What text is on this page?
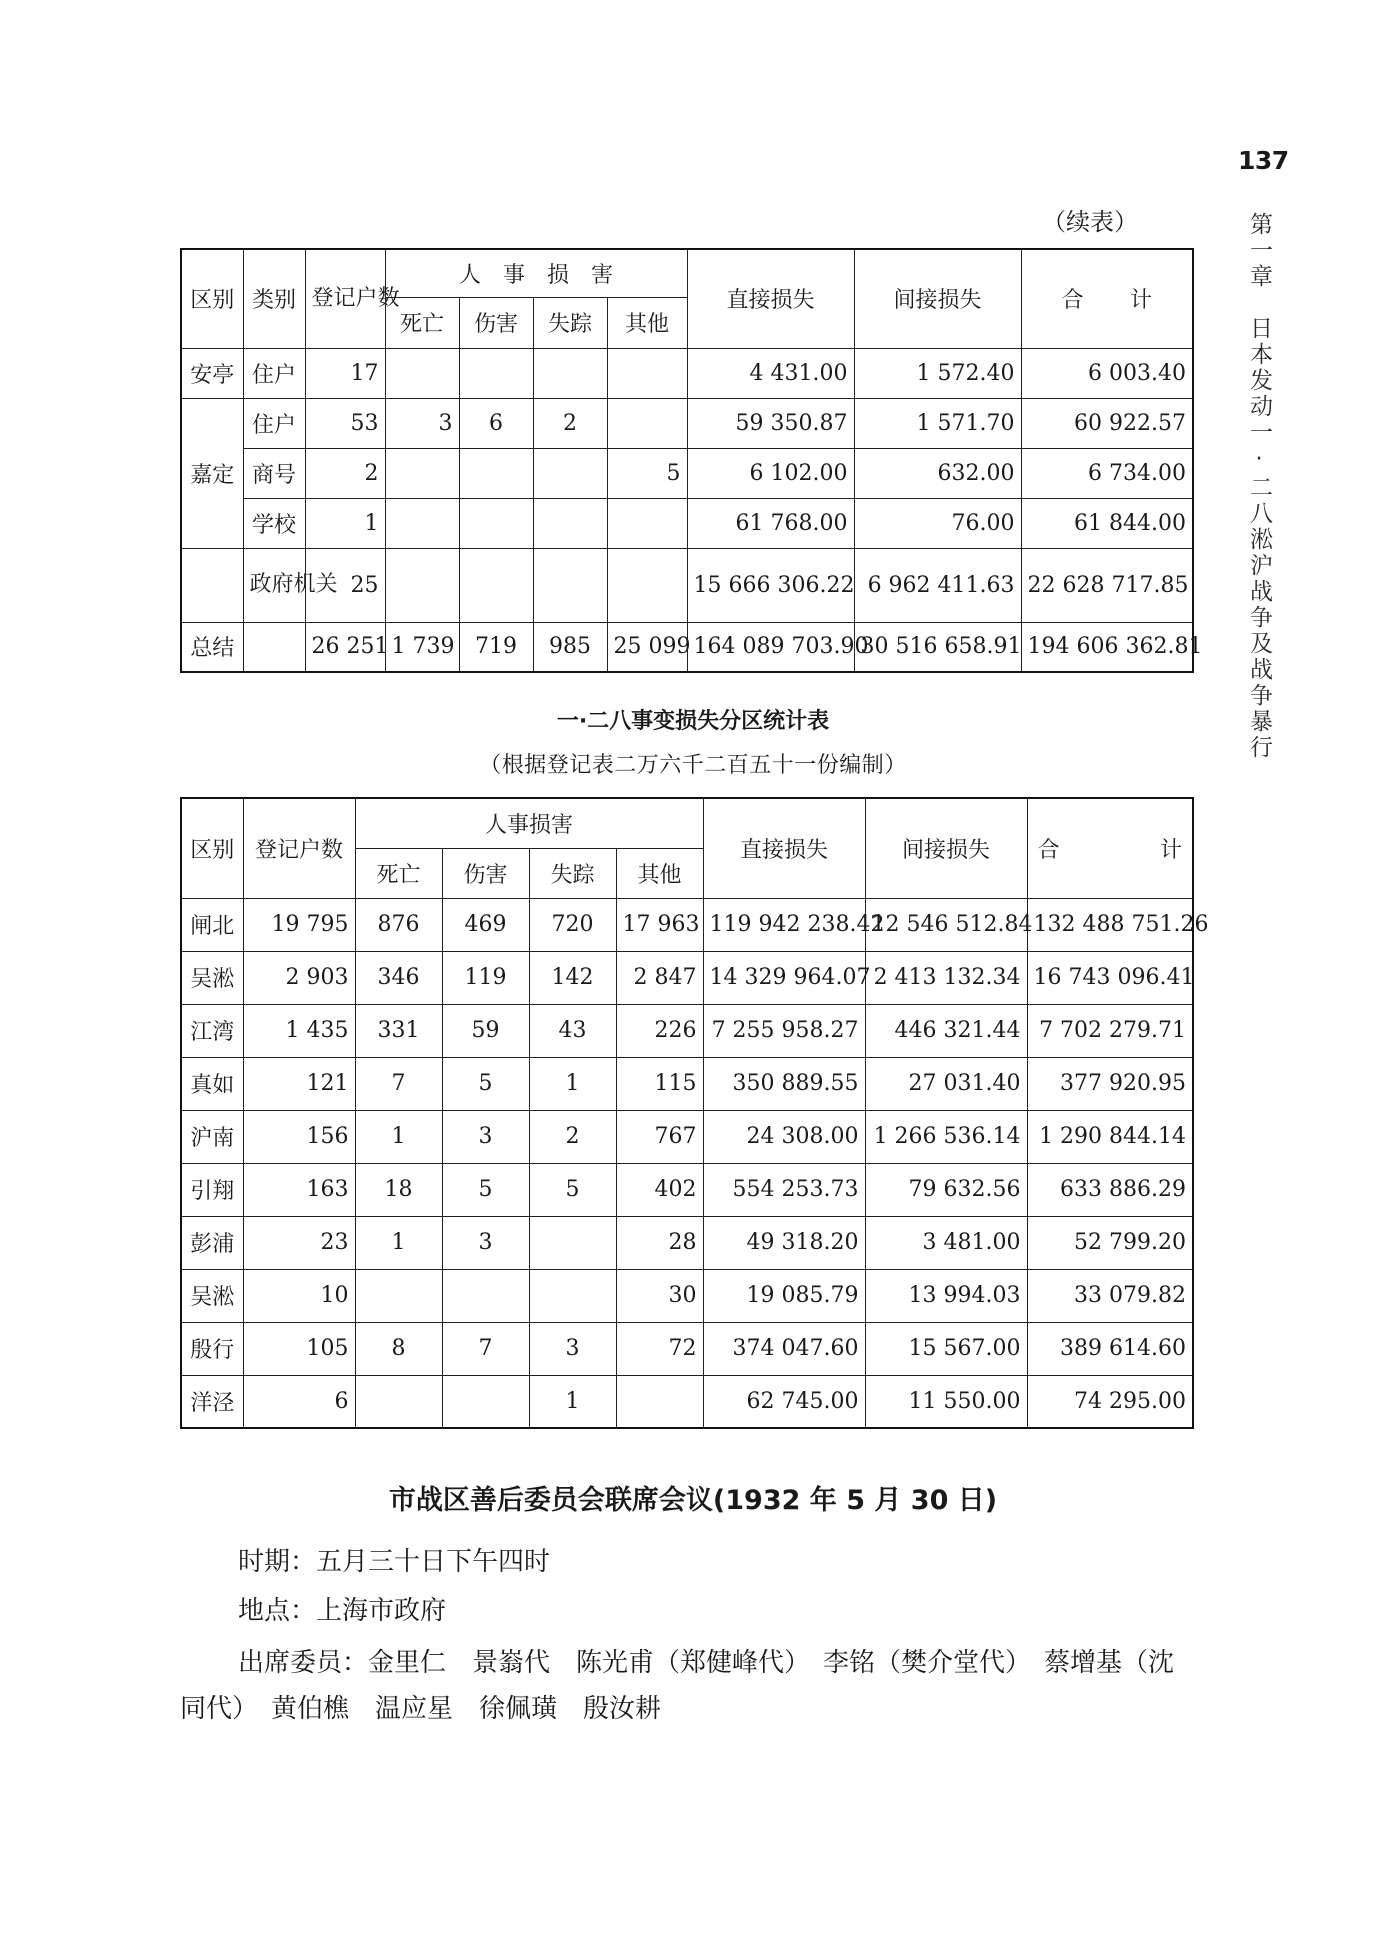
137
第一章　日本发动一·二八淞沪战争及战争暴行
（续表）
区别	类别	登记户数	人　事　损　害				直接损失	间接损失	合 计

			死亡	伤害	失踪	其他			
安亭	住户	17					4 431.00	1 572.40	6 003.40
嘉定	住户	53	3	6	2		59 350.87	1 571.70	60 922.57
	商号	2				5	6 102.00	632.00	6 734.00
	学校	1					61 768.00	76.00	61 844.00
	政府机关	25					15 666 306.22	6 962 411.63	22 628 717.85
总结		26 251	1 739	719	985	25 099	164 089 703.90	30 516 658.91	194 606 362.81
一·二八事变损失分区统计表
（根据登记表二万六千二百五十一份编制）
区别	登记户数	人事损害				直接损失	间接损失	合 计

		死亡	伤害	失踪	其他			
闸北	19 795	876	469	720	17 963	119 942 238.42	12 546 512.84	132 488 751.26
吴淞	2 903	346	119	142	2 847	14 329 964.07	2 413 132.34	16 743 096.41
江湾	1 435	331	59	43	226	7 255 958.27	446 321.44	7 702 279.71
真如	121	7	5	1	115	350 889.55	27 031.40	377 920.95
沪南	156	1	3	2	767	24 308.00	1 266 536.14	1 290 844.14
引翔	163	18	5	5	402	554 253.73	79 632.56	633 886.29
彭浦	23	1	3		28	49 318.20	3 481.00	52 799.20
吴淞	10				30	19 085.79	13 994.03	33 079.82
殷行	105	8	7	3	72	374 047.60	15 567.00	389 614.60
洋泾	6			1		62 745.00	11 550.00	74 295.00
市战区善后委员会联席会议(1932 年 5 月 30 日)
时期：五月三十日下午四时
地点：上海市政府
出席委员：金里仁　景嵡代　陈光甫（郑健峰代）　李铭（樊介堂代）　蔡增基（沈同代）　黄伯樵　温应星　徐佩璜　殷汝耕
